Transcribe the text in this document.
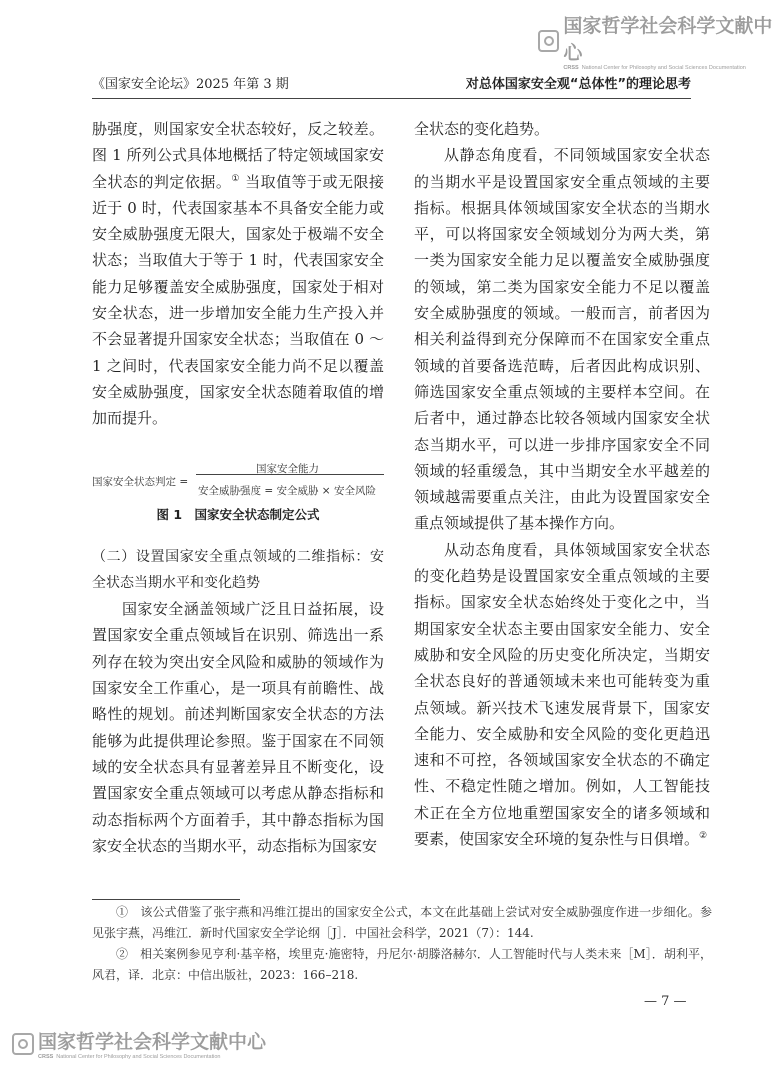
国家哲学社会科学文献中心
CRSS National Center for Philosophy and Social Sciences Documentation
《国家安全论坛》2025 年第 3 期	对总体国家安全观“总体性”的理论思考

胁强度，则国家安全状态较好，反之较差。图 1 所列公式具体地概括了特定领域国家安全状态的判定依据。① 当取值等于或无限接近于 0 时，代表国家基本不具备安全能力或安全威胁强度无限大，国家处于极端不安全状态；当取值大于等于 1 时，代表国家安全能力足够覆盖安全威胁强度，国家处于相对安全状态，进一步增加安全能力生产投入并不会显著提升国家安全状态；当取值在 0 ～ 1 之间时，代表国家安全能力尚不足以覆盖安全威胁强度，国家安全状态随着取值的增加而提升。

国家安全状态判定 =
国家安全能力
安全威胁强度 = 安全威胁 × 安全风险
图 1　国家安全状态制定公式
（二）设置国家安全重点领域的二维指标：安全状态当期水平和变化趋势

国家安全涵盖领域广泛且日益拓展，设置国家安全重点领域旨在识别、筛选出一系列存在较为突出安全风险和威胁的领域作为国家安全工作重心，是一项具有前瞻性、战略性的规划。前述判断国家安全状态的方法能够为此提供理论参照。鉴于国家在不同领域的安全状态具有显著差异且不断变化，设置国家安全重点领域可以考虑从静态指标和动态指标两个方面着手，其中静态指标为国家安全状态的当期水平，动态指标为国家安

全状态的变化趋势。

从静态角度看，不同领域国家安全状态的当期水平是设置国家安全重点领域的主要指标。根据具体领域国家安全状态的当期水平，可以将国家安全领域划分为两大类，第一类为国家安全能力足以覆盖安全威胁强度的领域，第二类为国家安全能力不足以覆盖安全威胁强度的领域。一般而言，前者因为相关利益得到充分保障而不在国家安全重点领域的首要备选范畴，后者因此构成识别、筛选国家安全重点领域的主要样本空间。在后者中，通过静态比较各领域内国家安全状态当期水平，可以进一步排序国家安全不同领域的轻重缓急，其中当期安全水平越差的领域越需要重点关注，由此为设置国家安全重点领域提供了基本操作方向。

从动态角度看，具体领域国家安全状态的变化趋势是设置国家安全重点领域的主要指标。国家安全状态始终处于变化之中，当期国家安全状态主要由国家安全能力、安全威胁和安全风险的历史变化所决定，当期安全状态良好的普通领域未来也可能转变为重点领域。新兴技术飞速发展背景下，国家安全能力、安全威胁和安全风险的变化更趋迅速和不可控，各领域国家安全状态的不确定性、不稳定性随之增加。例如，人工智能技术正在全方位地重塑国家安全的诸多领域和要素，使国家安全环境的复杂性与日俱增。②

①　该公式借鉴了张宇燕和冯维江提出的国家安全公式，本文在此基础上尝试对安全威胁强度作进一步细化。参见张宇燕，冯维江．新时代国家安全学论纲［J］．中国社会科学，2021（7）：144.

②　相关案例参见亨利·基辛格，埃里克·施密特，丹尼尔·胡滕洛赫尔．人工智能时代与人类未来［M］．胡利平，风君，译．北京：中信出版社，2023：166–218.

— 7 —
国家哲学社会科学文献中心
CRSS National Center for Philosophy and Social Sciences Documentation
